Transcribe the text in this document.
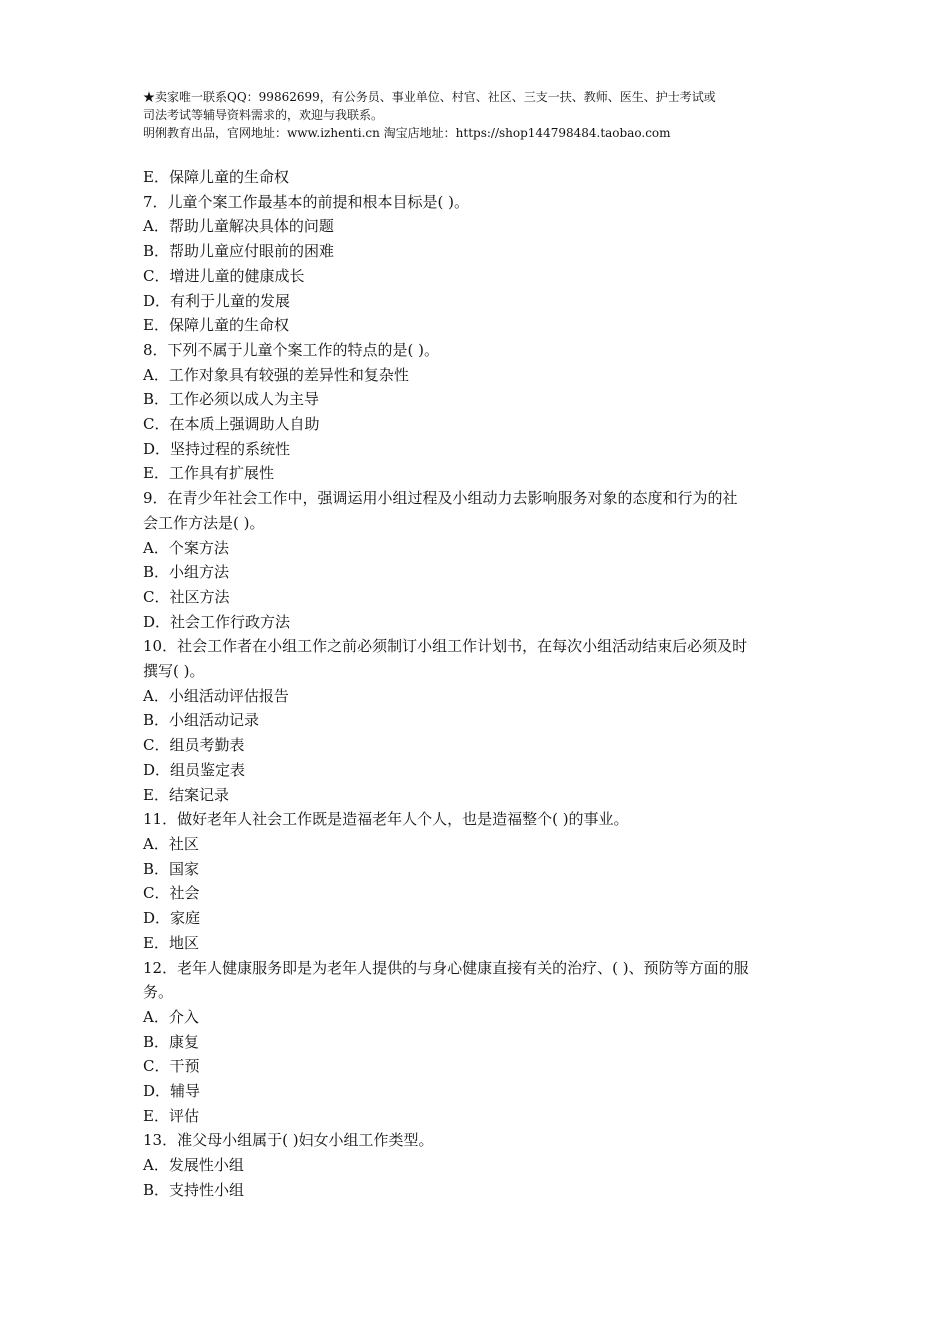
★卖家唯一联系QQ：99862699，有公务员、事业单位、村官、社区、三支一扶、教师、医生、护士考试或
司法考试等辅导资料需求的，欢迎与我联系。
明俐教育出品，官网地址：www.izhenti.cn 淘宝店地址：https://shop144798484.taobao.com
E．保障儿童的生命权
7．儿童个案工作最基本的前提和根本目标是( )。
A．帮助儿童解决具体的问题
B．帮助儿童应付眼前的困难
C．增进儿童的健康成长
D．有利于儿童的发展
E．保障儿童的生命权
8．下列不属于儿童个案工作的特点的是( )。
A．工作对象具有较强的差异性和复杂性
B．工作必须以成人为主导
C．在本质上强调助人自助
D．坚持过程的系统性
E．工作具有扩展性
9．在青少年社会工作中，强调运用小组过程及小组动力去影响服务对象的态度和行为的社
会工作方法是( )。
A．个案方法
B．小组方法
C．社区方法
D．社会工作行政方法
10．社会工作者在小组工作之前必须制订小组工作计划书，在每次小组活动结束后必须及时
撰写( )。
A．小组活动评估报告
B．小组活动记录
C．组员考勤表
D．组员鉴定表
E．结案记录
11．做好老年人社会工作既是造福老年人个人，也是造福整个( )的事业。
A．社区
B．国家
C．社会
D．家庭
E．地区
12．老年人健康服务即是为老年人提供的与身心健康直接有关的治疗、( )、预防等方面的服
务。
A．介入
B．康复
C．干预
D．辅导
E．评估
13．准父母小组属于( )妇女小组工作类型。
A．发展性小组
B．支持性小组
